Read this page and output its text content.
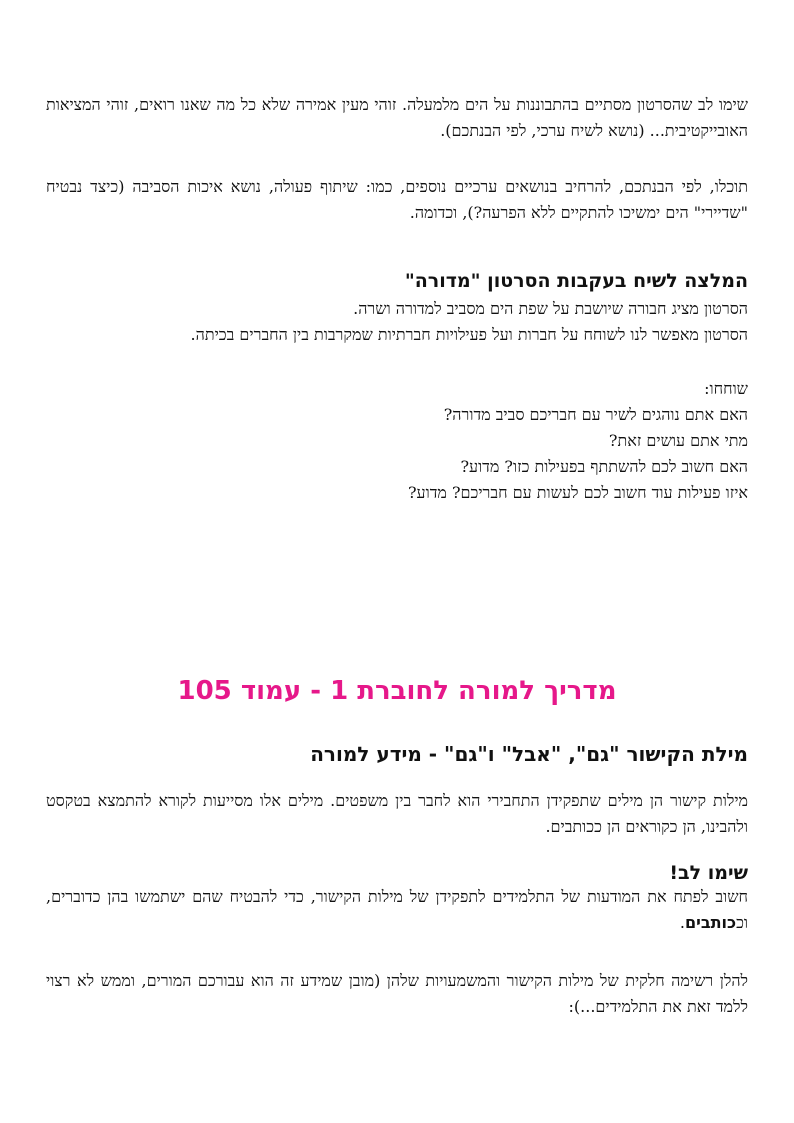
שימו לב שהסרטון מסתיים בהתבוננות על הים מלמעלה. זוהי מעין אמירה שלא כל מה שאנו רואים, זוהי המציאות האובייקטיבית... (נושא לשיח ערכי, לפי הבנתכם).

תוכלו, לפי הבנתכם, להרחיב בנושאים ערכיים נוספים, כמו: שיתוף פעולה, נושא איכות הסביבה (כיצד נבטיח "שדיירי" הים ימשיכו להתקיים ללא הפרעה?), וכדומה.

המלצה לשיח בעקבות הסרטון "מדורה"

הסרטון מציג חבורה שיושבת על שפת הים מסביב למדורה ושרה.
הסרטון מאפשר לנו לשוחח על חברות ועל פעילויות חברתיות שמקרבות בין החברים בכיתה.

שוחחו:
האם אתם נוהגים לשיר עם חבריכם סביב מדורה?
מתי אתם עושים זאת?
האם חשוב לכם להשתתף בפעילות כזו? מדוע?
איזו פעילות עוד חשוב לכם לעשות עם חבריכם? מדוע?

מדריך למורה לחוברת 1 - עמוד 105
מילת הקישור "גם", "אבל" ו"גם" - מידע למורה

מילות קישור הן מילים שתפקידן התחבירי הוא לחבר בין משפטים. מילים אלו מסייעות לקורא להתמצא בטקסט ולהבינו, הן כקוראים הן ככותבים.

שימו לב!

חשוב לפתח את המודעות של התלמידים לתפקידן של מילות הקישור, כדי להבטיח שהם ישתמשו בהן כדוברים, וככותבים.

להלן רשימה חלקית של מילות הקישור והמשמעויות שלהן (מובן שמידע זה הוא עבורכם המורים, וממש לא רצוי ללמד זאת את התלמידים...):
